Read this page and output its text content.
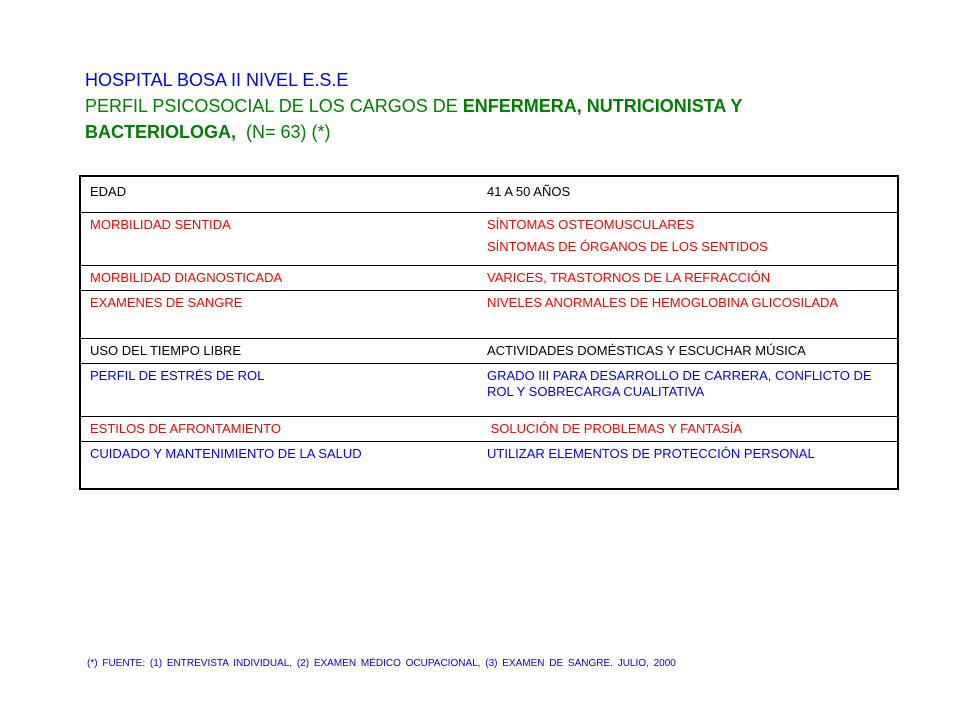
HOSPITAL BOSA II NIVEL E.S.E
PERFIL PSICOSOCIAL DE LOS CARGOS DE ENFERMERA, NUTRICIONISTA Y
BACTERIOLOGA,  (N= 63) (*)
EDAD	41 A 50 AÑOS

MORBILIDAD SENTIDA	SÍNTOMAS OSTEOMUSCULARES
SÍNTOMAS DE ÓRGANOS DE LOS SENTIDOS

MORBILIDAD DIAGNOSTICADA	VARICES, TRASTORNOS DE LA REFRACCIÓN

EXAMENES DE SANGRE	NIVELES ANORMALES DE HEMOGLOBINA GLICOSILADA

USO DEL TIEMPO LIBRE	ACTIVIDADES DOMÉSTICAS Y ESCUCHAR MÚSICA

PERFIL DE ESTRÉS DE ROL	GRADO III PARA DESARROLLO DE CARRERA, CONFLICTO DE ROL Y SOBRECARGA CUALITATIVA

ESTILOS DE AFRONTAMIENTO	SOLUCIÓN DE PROBLEMAS Y FANTASÍA

CUIDADO Y MANTENIMIENTO DE LA SALUD	UTILIZAR ELEMENTOS DE PROTECCIÓN PERSONAL
(*) FUENTE: (1) ENTREVISTA INDIVIDUAL, (2) EXAMEN MÉDICO OCUPACIONAL, (3) EXAMEN DE SANGRE. JULIO, 2000
